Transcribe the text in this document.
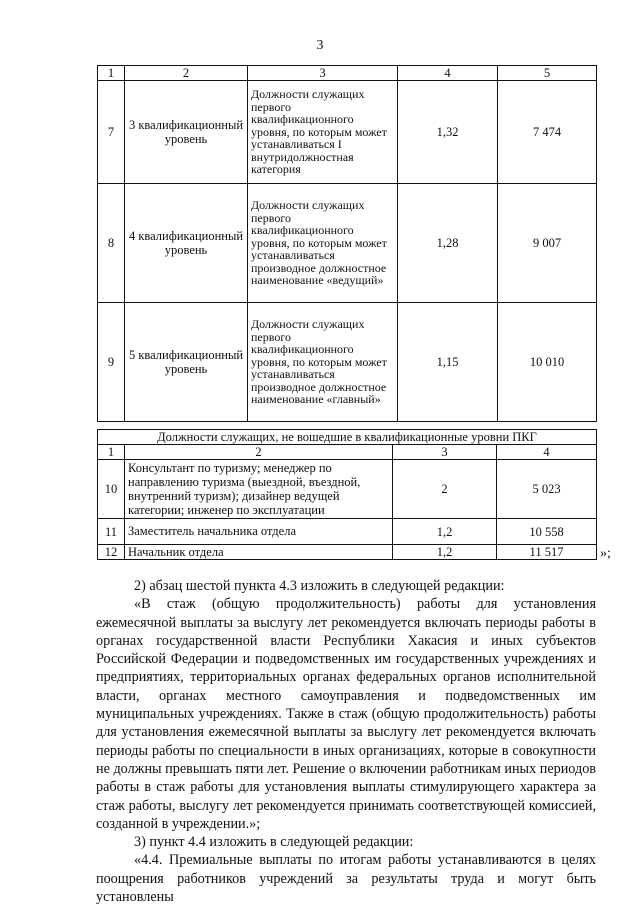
3
1	2	3	4	5
7	3 квалификационный уровень	Должности служащих первого квалификационного уровня, по которым может устанавливаться I внутридолжностная категория	1,32	7 474
8	4 квалификационный уровень	Должности служащих первого квалификационного уровня, по которым может устанавливаться производное должностное наименование «ведущий»	1,28	9 007
9	5 квалификационный уровень	Должности служащих первого квалификационного уровня, по которым может устанавливаться производное должностное наименование «главный»	1,15	10 010
Должности служащих, не вошедшие в квалификационные уровни ПКГ			
1	2	3	4
10	Консультант по туризму; менеджер по направлению туризма (выездной, въездной, внутренний туризм); дизайнер ведущей категории; инженер по эксплуатации	2	5 023
11	Заместитель начальника отдела	1,2	10 558
12	Начальник отдела	1,2	11 517	»;

2) абзац шестой пункта 4.3 изложить в следующей редакции:

«В стаж (общую продолжительность) работы для установления ежемесячной выплаты за выслугу лет рекомендуется включать периоды работы в органах государственной власти Республики Хакасия и иных субъектов Российской Федерации и подведомственных им государственных учреждениях и предприятиях, территориальных органах федеральных органов исполнительной власти, органах местного самоуправления и подведомственных им муниципальных учреждениях. Также в стаж (общую продолжительность) работы для установления ежемесячной выплаты за выслугу лет рекомендуется включать периоды работы по специальности в иных организациях, которые в совокупности не должны превышать пяти лет. Решение о включении работникам иных периодов работы в стаж работы для установления выплаты стимулирующего характера за стаж работы, выслугу лет рекомендуется принимать соответствующей комиссией, созданной в учреждении.»;

3) пункт 4.4 изложить в следующей редакции:

«4.4. Премиальные выплаты по итогам работы устанавливаются в целях поощрения работников учреждений за результаты труда и могут быть установлены
